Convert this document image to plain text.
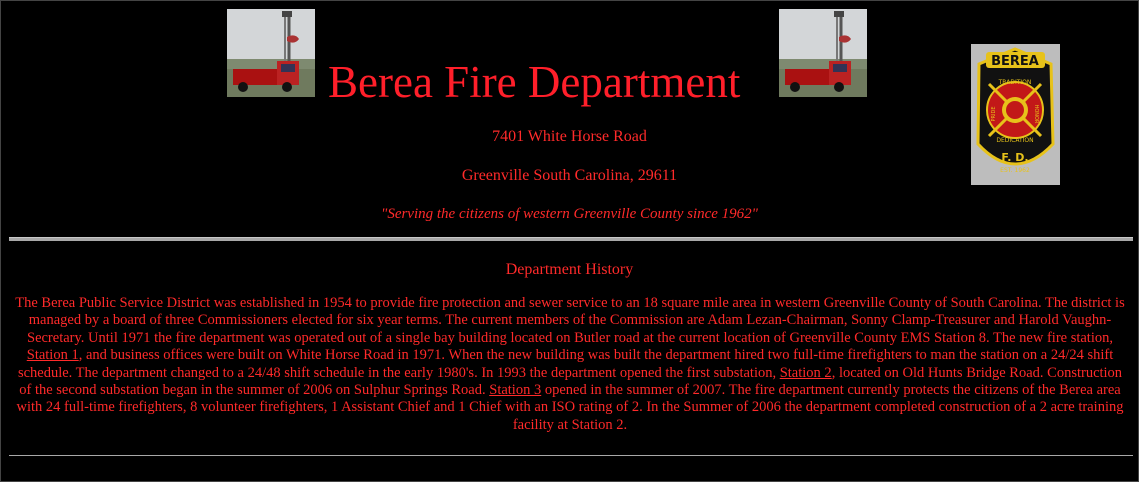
Berea Fire Department	BEREA
TRADITION
PRIDE	HONOR
DEDICATION
F. D.
EST. 1962
7401 White Horse Road
Greenville South Carolina, 29611
"Serving the citizens of western Greenville County since 1962"
Department History
The Berea Public Service District was established in 1954 to provide fire protection and sewer service to an 18 square mile area in western Greenville County of South Carolina. The district is managed by a board of three Commissioners elected for six year terms. The current members of the Commission are Adam Lezan-Chairman, Sonny Clamp-Treasurer and Harold Vaughn-Secretary. Until 1971 the fire department was operated out of a single bay building located on Butler road at the current location of Greenville County EMS Station 8. The new fire station, Station 1, and business offices were built on White Horse Road in 1971. When the new building was built the department hired two full-time firefighters to man the station on a 24/24 shift schedule. The department changed to a 24/48 shift schedule in the early 1980's. In 1993 the department opened the first substation, Station 2, located on Old Hunts Bridge Road. Construction of the second substation began in the summer of 2006 on Sulphur Springs Road. Station 3 opened in the summer of 2007. The fire department currently protects the citizens of the Berea area with 24 full-time firefighters, 8 volunteer firefighters, 1 Assistant Chief and 1 Chief with an ISO rating of 2. In the Summer of 2006 the department completed construction of a 2 acre training facility at Station 2.
